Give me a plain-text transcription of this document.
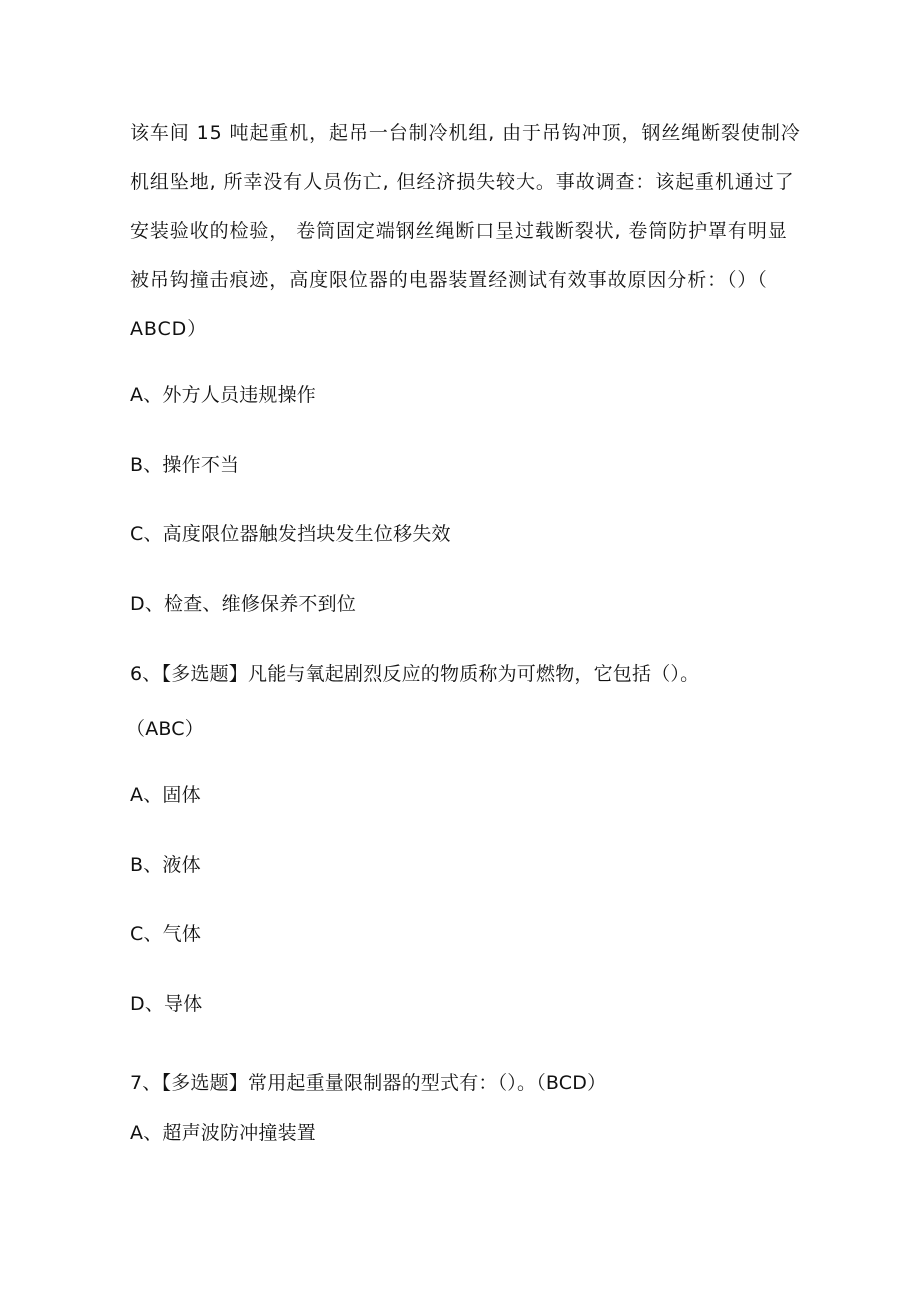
该车间 15 吨起重机，起吊一台制冷机组, 由于吊钩冲顶，钢丝绳断裂使制冷
机组坠地, 所幸没有人员伤亡, 但经济损失较大。事故调查：该起重机通过了
安装验收的检验， 卷筒固定端钢丝绳断口呈过载断裂状, 卷筒防护罩有明显
被吊钩撞击痕迹，高度限位器的电器装置经测试有效事故原因分析：（）（
ABCD）
A、外方人员违规操作
B、操作不当
C、高度限位器触发挡块发生位移失效
D、检查、维修保养不到位
6、【多选题】凡能与氧起剧烈反应的物质称为可燃物，它包括（）。
（ABC）
A、固体
B、液体
C、气体
D、导体
7、【多选题】常用起重量限制器的型式有：（）。（BCD）
A、超声波防冲撞装置
